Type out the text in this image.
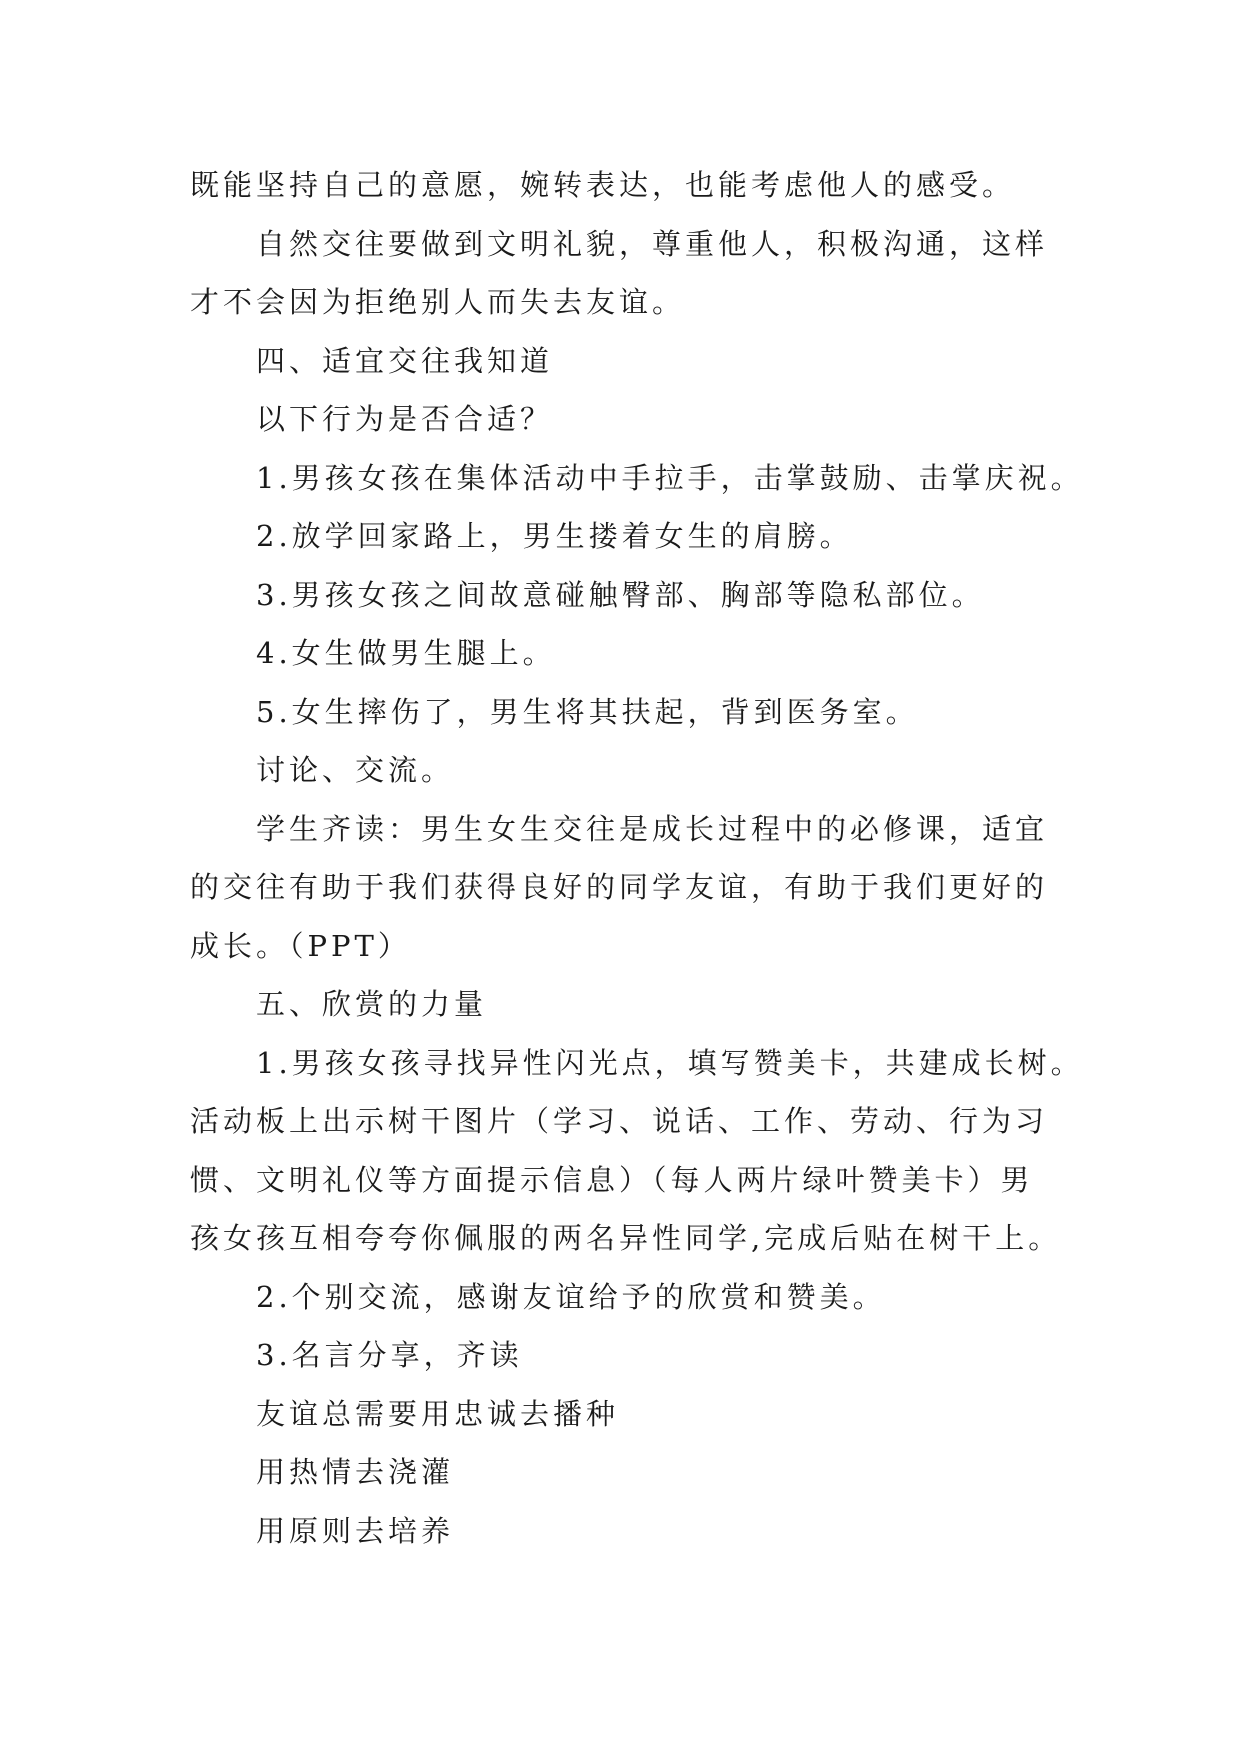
既能坚持自己的意愿，婉转表达，也能考虑他人的感受。

自然交往要做到文明礼貌，尊重他人，积极沟通，这样

才不会因为拒绝别人而失去友谊。

四、适宜交往我知道

以下行为是否合适？

1.男孩女孩在集体活动中手拉手，击掌鼓励、击掌庆祝。

2.放学回家路上，男生搂着女生的肩膀。

3.男孩女孩之间故意碰触臀部、胸部等隐私部位。

4.女生做男生腿上。

5.女生摔伤了，男生将其扶起，背到医务室。

讨论、交流。

学生齐读：男生女生交往是成长过程中的必修课，适宜

的交往有助于我们获得良好的同学友谊，有助于我们更好的

成长。（PPT）

五、欣赏的力量

1.男孩女孩寻找异性闪光点，填写赞美卡，共建成长树。

活动板上出示树干图片（学习、说话、工作、劳动、行为习

惯、文明礼仪等方面提示信息）（每人两片绿叶赞美卡）男

孩女孩互相夸夸你佩服的两名异性同学,完成后贴在树干上。

2.个别交流，感谢友谊给予的欣赏和赞美。

3.名言分享，齐读

友谊总需要用忠诚去播种

用热情去浇灌

用原则去培养
